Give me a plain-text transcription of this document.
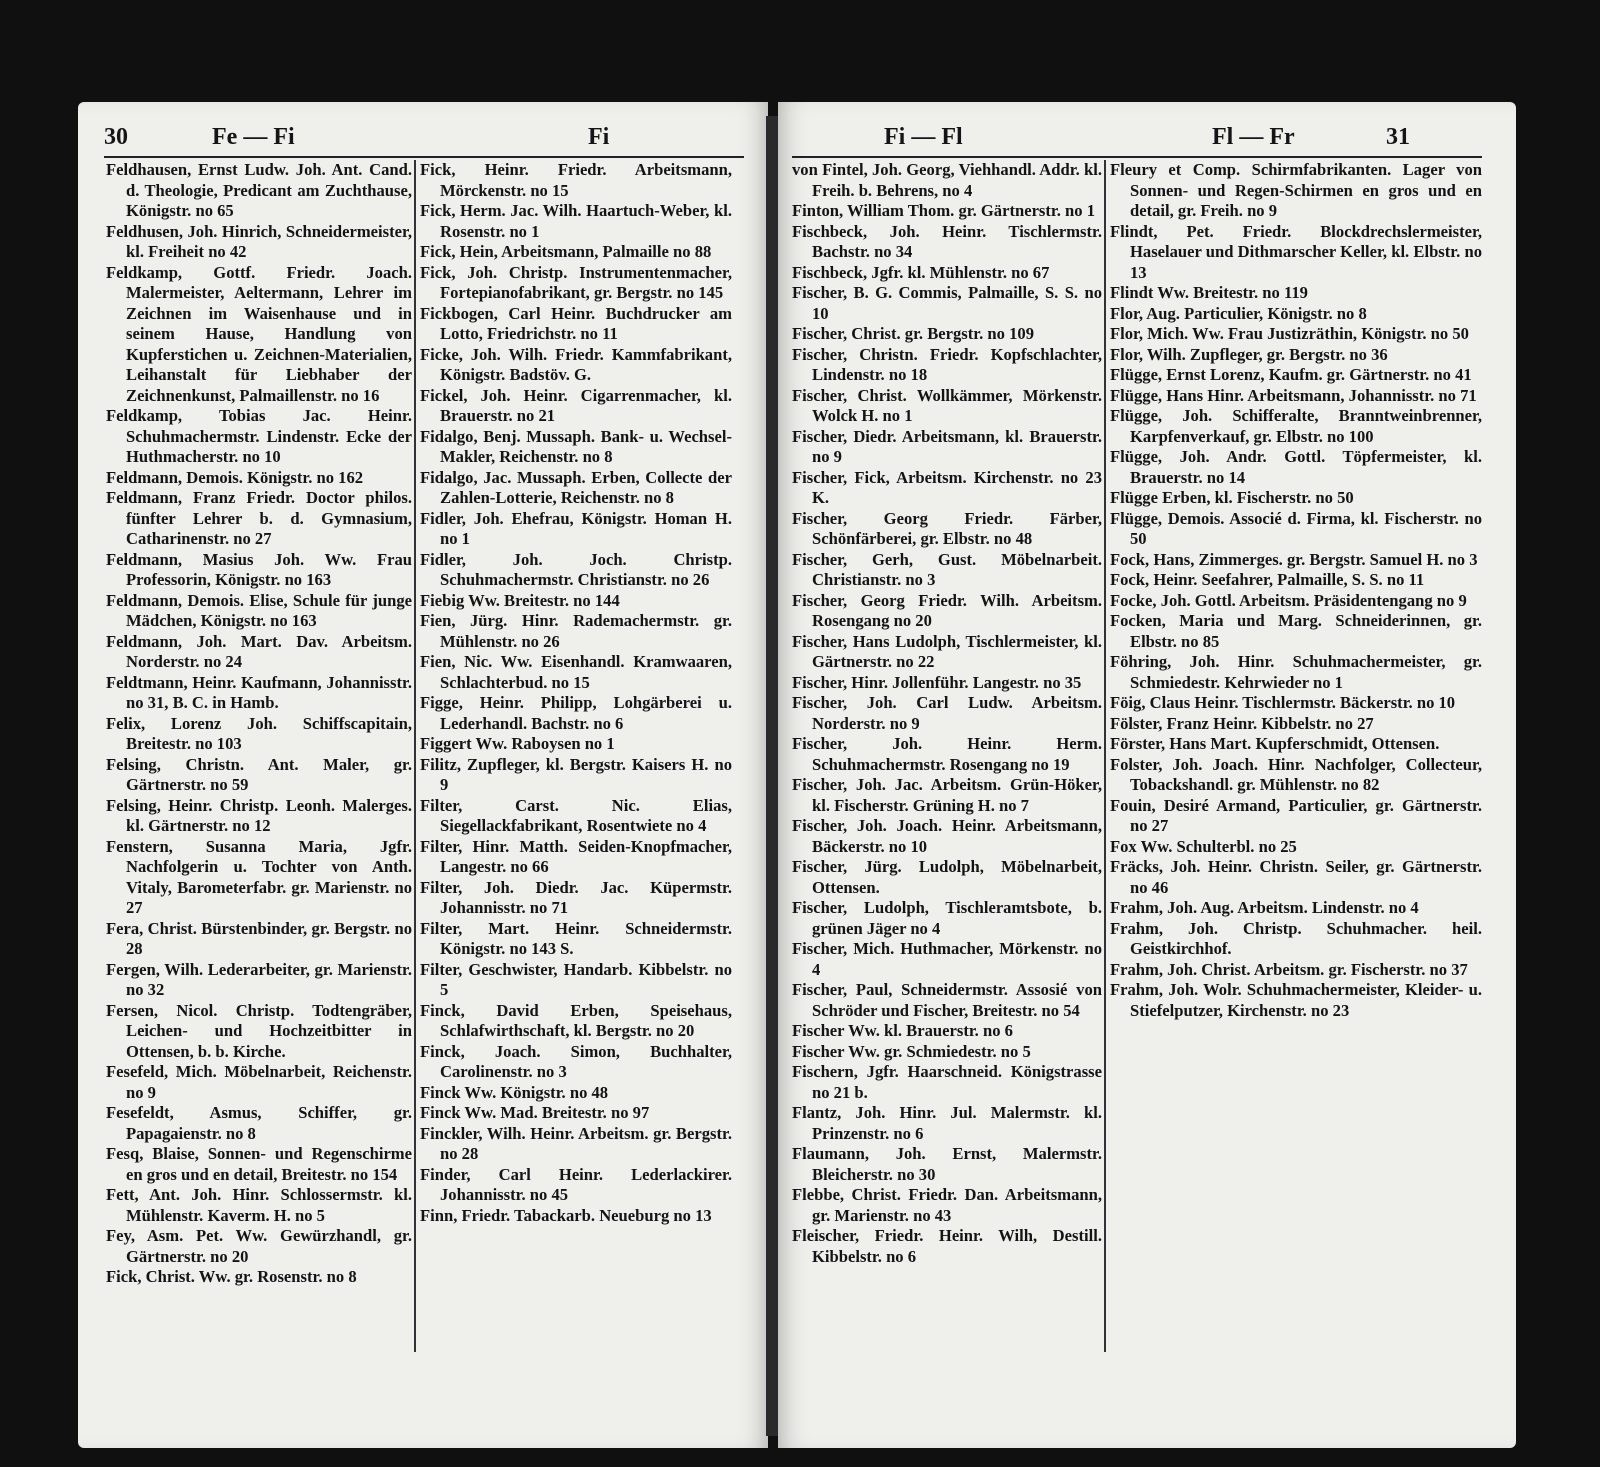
30	Fe — Fi	Fi

Feldhausen, Ernst Ludw. Joh. Ant. Cand. d. Theologie, Predicant am Zuchthause, Königstr. no 65

Feldhusen, Joh. Hinrich, Schneidermeister, kl. Freiheit no 42

Feldkamp, Gottf. Friedr. Joach. Malermeister, Aeltermann, Lehrer im Zeichnen im Waisenhause und in seinem Hause, Handlung von Kupferstichen u. Zeichnen-Materialien, Leihanstalt für Liebhaber der Zeichnenkunst, Palmaillenstr. no 16

Feldkamp, Tobias Jac. Heinr. Schuhmachermstr. Lindenstr. Ecke der Huthmacherstr. no 10

Feldmann, Demois. Königstr. no 162

Feldmann, Franz Friedr. Doctor philos. fünfter Lehrer b. d. Gymnasium, Catharinenstr. no 27

Feldmann, Masius Joh. Ww. Frau Professorin, Königstr. no 163

Feldmann, Demois. Elise, Schule für junge Mädchen, Königstr. no 163

Feldmann, Joh. Mart. Dav. Arbeitsm. Norderstr. no 24

Feldtmann, Heinr. Kaufmann, Johannisstr. no 31, B. C. in Hamb.

Felix, Lorenz Joh. Schiffscapitain, Breitestr. no 103

Felsing, Christn. Ant. Maler, gr. Gärtnerstr. no 59

Felsing, Heinr. Christp. Leonh. Malerges. kl. Gärtnerstr. no 12

Fenstern, Susanna Maria, Jgfr. Nachfolgerin u. Tochter von Anth. Vitaly, Barometerfabr. gr. Marienstr. no 27

Fera, Christ. Bürstenbinder, gr. Bergstr. no 28

Fergen, Wilh. Lederarbeiter, gr. Marienstr. no 32

Fersen, Nicol. Christp. Todtengräber, Leichen- und Hochzeitbitter in Ottensen, b. b. Kirche.

Fesefeld, Mich. Möbelnarbeit, Reichenstr. no 9

Fesefeldt, Asmus, Schiffer, gr. Papagaienstr. no 8

Fesq, Blaise, Sonnen- und Regenschirme en gros und en detail, Breitestr. no 154

Fett, Ant. Joh. Hinr. Schlossermstr. kl. Mühlenstr. Kaverm. H. no 5

Fey, Asm. Pet. Ww. Gewürzhandl, gr. Gärtnerstr. no 20

Fick, Christ. Ww. gr. Rosenstr. no 8

Fick, Heinr. Friedr. Arbeitsmann, Mörckenstr. no 15

Fick, Herm. Jac. Wilh. Haartuch-Weber, kl. Rosenstr. no 1

Fick, Hein, Arbeitsmann, Palmaille no 88

Fick, Joh. Christp. Instrumentenmacher, Fortepianofabrikant, gr. Bergstr. no 145

Fickbogen, Carl Heinr. Buchdrucker am Lotto, Friedrichstr. no 11

Ficke, Joh. Wilh. Friedr. Kammfabrikant, Königstr. Badstöv. G.

Fickel, Joh. Heinr. Cigarrenmacher, kl. Brauerstr. no 21

Fidalgo, Benj. Mussaph. Bank- u. Wechsel-Makler, Reichenstr. no 8

Fidalgo, Jac. Mussaph. Erben, Collecte der Zahlen-Lotterie, Reichenstr. no 8

Fidler, Joh. Ehefrau, Königstr. Homan H. no 1

Fidler, Joh. Joch. Christp. Schuhmachermstr. Christianstr. no 26

Fiebig Ww. Breitestr. no 144

Fien, Jürg. Hinr. Rademachermstr. gr. Mühlenstr. no 26

Fien, Nic. Ww. Eisenhandl. Kramwaaren, Schlachterbud. no 15

Figge, Heinr. Philipp, Lohgärberei u. Lederhandl. Bachstr. no 6

Figgert Ww. Raboysen no 1

Filitz, Zupfleger, kl. Bergstr. Kaisers H. no 9

Filter, Carst. Nic. Elias, Siegellackfabrikant, Rosentwiete no 4

Filter, Hinr. Matth. Seiden-Knopfmacher, Langestr. no 66

Filter, Joh. Diedr. Jac. Küpermstr. Johannisstr. no 71

Filter, Mart. Heinr. Schneidermstr. Königstr. no 143 S.

Filter, Geschwister, Handarb. Kibbelstr. no 5

Finck, David Erben, Speisehaus, Schlafwirthschaft, kl. Bergstr. no 20

Finck, Joach. Simon, Buchhalter, Carolinenstr. no 3

Finck Ww. Königstr. no 48

Finck Ww. Mad. Breitestr. no 97

Finckler, Wilh. Heinr. Arbeitsm. gr. Bergstr. no 28

Finder, Carl Heinr. Lederlackirer. Johannisstr. no 45

Finn, Friedr. Tabackarb. Neueburg no 13

Fi — Fl	Fl — Fr	31

von Fintel, Joh. Georg, Viehhandl. Addr. kl. Freih. b. Behrens, no 4

Finton, William Thom. gr. Gärtnerstr. no 1

Fischbeck, Joh. Heinr. Tischlermstr. Bachstr. no 34

Fischbeck, Jgfr. kl. Mühlenstr. no 67

Fischer, B. G. Commis, Palmaille, S. S. no 10

Fischer, Christ. gr. Bergstr. no 109

Fischer, Christn. Friedr. Kopfschlachter, Lindenstr. no 18

Fischer, Christ. Wollkämmer, Mörkenstr. Wolck H. no 1

Fischer, Diedr. Arbeitsmann, kl. Brauerstr. no 9

Fischer, Fick, Arbeitsm. Kirchenstr. no 23 K.

Fischer, Georg Friedr. Färber, Schönfärberei, gr. Elbstr. no 48

Fischer, Gerh, Gust. Möbelnarbeit. Christianstr. no 3

Fischer, Georg Friedr. Wilh. Arbeitsm. Rosengang no 20

Fischer, Hans Ludolph, Tischlermeister, kl. Gärtnerstr. no 22

Fischer, Hinr. Jollenführ. Langestr. no 35

Fischer, Joh. Carl Ludw. Arbeitsm. Norderstr. no 9

Fischer, Joh. Heinr. Herm. Schuhmachermstr. Rosengang no 19

Fischer, Joh. Jac. Arbeitsm. Grün-Höker, kl. Fischerstr. Grüning H. no 7

Fischer, Joh. Joach. Heinr. Arbeitsmann, Bäckerstr. no 10

Fischer, Jürg. Ludolph, Möbelnarbeit, Ottensen.

Fischer, Ludolph, Tischleramtsbote, b. grünen Jäger no 4

Fischer, Mich. Huthmacher, Mörkenstr. no 4

Fischer, Paul, Schneidermstr. Assosié von Schröder und Fischer, Breitestr. no 54

Fischer Ww. kl. Brauerstr. no 6

Fischer Ww. gr. Schmiedestr. no 5

Fischern, Jgfr. Haarschneid. Königstrasse no 21 b.

Flantz, Joh. Hinr. Jul. Malermstr. kl. Prinzenstr. no 6

Flaumann, Joh. Ernst, Malermstr. Bleicherstr. no 30

Flebbe, Christ. Friedr. Dan. Arbeitsmann, gr. Marienstr. no 43

Fleischer, Friedr. Heinr. Wilh, Destill. Kibbelstr. no 6

Fleury et Comp. Schirmfabrikanten. Lager von Sonnen- und Regen-Schirmen en gros und en detail, gr. Freih. no 9

Flindt, Pet. Friedr. Blockdrechslermeister, Haselauer und Dithmarscher Keller, kl. Elbstr. no 13

Flindt Ww. Breitestr. no 119

Flor, Aug. Particulier, Königstr. no 8

Flor, Mich. Ww. Frau Justizräthin, Königstr. no 50

Flor, Wilh. Zupfleger, gr. Bergstr. no 36

Flügge, Ernst Lorenz, Kaufm. gr. Gärtnerstr. no 41

Flügge, Hans Hinr. Arbeitsmann, Johannisstr. no 71

Flügge, Joh. Schifferalte, Branntweinbrenner, Karpfenverkauf, gr. Elbstr. no 100

Flügge, Joh. Andr. Gottl. Töpfermeister, kl. Brauerstr. no 14

Flügge Erben, kl. Fischerstr. no 50

Flügge, Demois. Associé d. Firma, kl. Fischerstr. no 50

Fock, Hans, Zimmerges. gr. Bergstr. Samuel H. no 3

Fock, Heinr. Seefahrer, Palmaille, S. S. no 11

Focke, Joh. Gottl. Arbeitsm. Präsidentengang no 9

Focken, Maria und Marg. Schneiderinnen, gr. Elbstr. no 85

Föhring, Joh. Hinr. Schuhmachermeister, gr. Schmiedestr. Kehrwieder no 1

Föig, Claus Heinr. Tischlermstr. Bäckerstr. no 10

Fölster, Franz Heinr. Kibbelstr. no 27

Förster, Hans Mart. Kupferschmidt, Ottensen.

Folster, Joh. Joach. Hinr. Nachfolger, Collecteur, Tobackshandl. gr. Mühlenstr. no 82

Fouin, Desiré Armand, Particulier, gr. Gärtnerstr. no 27

Fox Ww. Schulterbl. no 25

Fräcks, Joh. Heinr. Christn. Seiler, gr. Gärtnerstr. no 46

Frahm, Joh. Aug. Arbeitsm. Lindenstr. no 4

Frahm, Joh. Christp. Schuhmacher. heil. Geistkirchhof.

Frahm, Joh. Christ. Arbeitsm. gr. Fischerstr. no 37

Frahm, Joh. Wolr. Schuhmachermeister, Kleider- u. Stiefelputzer, Kirchenstr. no 23
